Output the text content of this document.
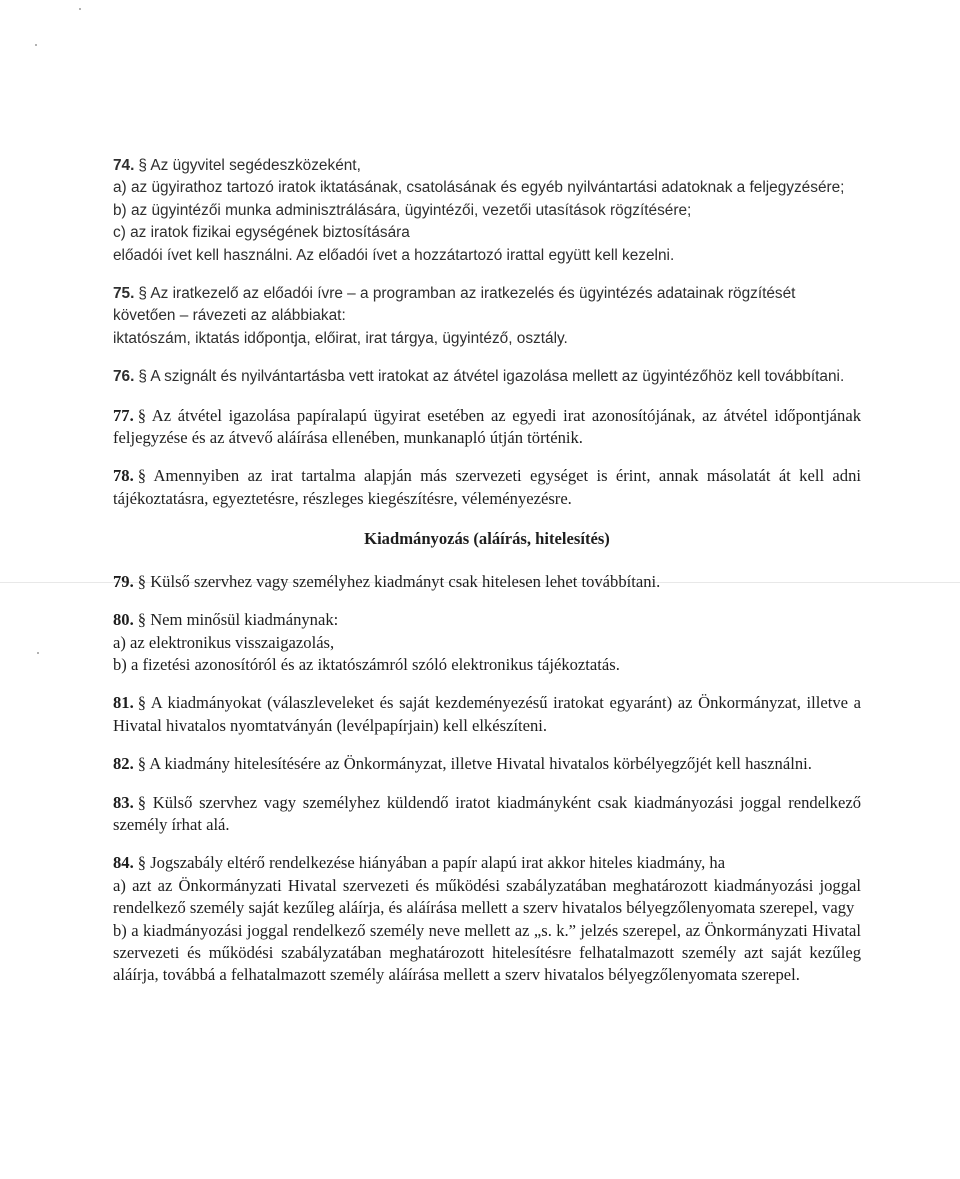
74. § Az ügyvitel segédeszközeként,

a) az ügyirathoz tartozó iratok iktatásának, csatolásának és egyéb nyilvántartási adatoknak a feljegyzésére;

b) az ügyintézői munka adminisztrálására, ügyintézői, vezetői utasítások rögzítésére;

c) az iratok fizikai egységének biztosítására

előadói ívet kell használni. Az előadói ívet a hozzátartozó irattal együtt kell kezelni.

75. § Az iratkezelő az előadói ívre – a programban az iratkezelés és ügyintézés adatainak rögzítését követően – rávezeti az alábbiakat:

iktatószám, iktatás időpontja, előirat, irat tárgya, ügyintéző, osztály.

76. § A szignált és nyilvántartásba vett iratokat az átvétel igazolása mellett az ügyintézőhöz kell továbbítani.

77. § Az átvétel igazolása papíralapú ügyirat esetében az egyedi irat azonosítójának, az átvétel időpontjának feljegyzése és az átvevő aláírása ellenében, munkanapló útján történik.

78. § Amennyiben az irat tartalma alapján más szervezeti egységet is érint, annak másolatát át kell adni tájékoztatásra, egyeztetésre, részleges kiegészítésre, véleményezésre.

Kiadmányozás (aláírás, hitelesítés)

79. § Külső szervhez vagy személyhez kiadmányt csak hitelesen lehet továbbítani.

80. § Nem minősül kiadmánynak:

a) az elektronikus visszaigazolás,

b) a fizetési azonosítóról és az iktatószámról szóló elektronikus tájékoztatás.

81. § A kiadmányokat (válaszleveleket és saját kezdeményezésű iratokat egyaránt) az Önkormányzat, illetve a Hivatal hivatalos nyomtatványán (levélpapírjain) kell elkészíteni.

82. § A kiadmány hitelesítésére az Önkormányzat, illetve Hivatal hivatalos körbélyegzőjét kell használni.

83. § Külső szervhez vagy személyhez küldendő iratot kiadmányként csak kiadmányozási joggal rendelkező személy írhat alá.

84. § Jogszabály eltérő rendelkezése hiányában a papír alapú irat akkor hiteles kiadmány, ha

a) azt az Önkormányzati Hivatal szervezeti és működési szabályzatában meghatározott kiadmányozási joggal rendelkező személy saját kezűleg aláírja, és aláírása mellett a szerv hivatalos bélyegzőlenyomata szerepel, vagy

b) a kiadmányozási joggal rendelkező személy neve mellett az „s. k.” jelzés szerepel, az Önkormányzati Hivatal szervezeti és működési szabályzatában meghatározott hitelesítésre felhatalmazott személy azt saját kezűleg aláírja, továbbá a felhatalmazott személy aláírása mellett a szerv hivatalos bélyegzőlenyomata szerepel.
